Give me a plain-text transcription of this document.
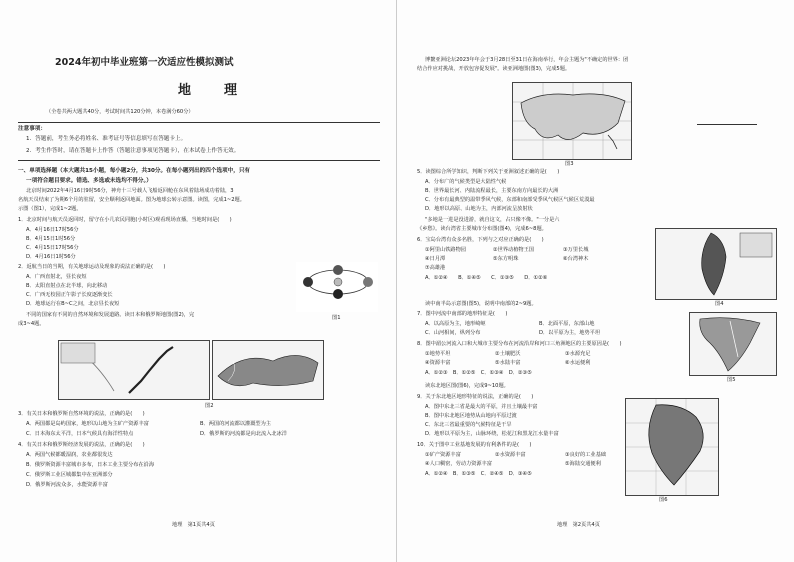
2024年初中毕业班第一次适应性模拟测试
地　理
（全卷共两大题共40分，考试时间共120分钟，本卷满分60分）
注意事项：
1．答题前，考生务必将姓名、准考证号等信息填写在答题卡上。
2．考生作答时，请在答题卡上作答（答题注意事项见答题卡），在本试卷上作答无效。
一、单项选择题（本大题共15小题，每小题2分，共30分。在每小题列出的四个选项中，只有
一项符合题目要求。错选、多选或未选均不得分。）
北京时间2022年4月16日9时56分，神舟十三号载人飞船返回舱在东风着陆场成功着陆，3
名航天员结束了为期6个月的驻留，安全顺利返回地面。图为地球公转示意图。读图，完成1~2题。
示图（图1），完成1~2题。
1．北京时间与航天员返回时，留守在小几农民同胞(小时区)观看现场直播，当地时间是(　　)
A．4月16日17时56分
B．4月15日1时56分
C．4月15日17时56分
D．4月16日1时56分
2．返航当日的当期，有关地球运动及现象的说法正确的是(　　)
A．广西直射北，昼长夜短
B．太阳直射点在北半球，向北移动
C．广西无校园正午影子长度逐渐变长
D．地球运行在B~C之间，北京昼长夜短
不同的国家有不同的自然环境和发展道路。读日本和俄罗斯地图(图2)，完
成3~4题。
图1
图2
3．有关日本和俄罗斯自然环境的说法，正确的是(　　)
A．两国都是岛屿国家，地形以山地为主矿产资源丰富	B．两国的河流都以灌溉型为主
C．日本海东太平洋，日本气候具有海洋性特点	D．俄罗斯的河流都是向北流入北冰洋
4．有关日本和俄罗斯经济发展的说法，正确的是(　　)
A．两国气候都暖湿润，农业都很发达
B．俄罗斯资源丰富城市多布，日本工业主要分布在沿海
C．俄罗斯工业区城都集中在亚洲部分
D．俄罗斯河流众多，水能资源丰富
地理　第1页共4页
博鳌亚洲论坛2023年年会于3月28日至31日在海南举行，年会主题为"不确定的世界：团
结合作应对挑战，开放包容促发展"。读亚洲地图(图3)，完成5题。
图3
5．读图综合所学知识，判断下列关于亚洲叙述正确的是(　　)
A．分布广的气候类型是大陆性气候
B．世界最长河、内陆流程最长，主要东南方向最长的大洲
C．分布有最典型的温带季风气候，东部和南部受季风气候区气候区荒漠最
D．地形以高原、山地为主，内部河流呈放射状
"多地是一进是没进游，就自这文，占只像不像。"一分是六
《乡愁》。读台湾省主要城市分布图(图4)，完成6~8题。
6．宝岛台湾有众多名胜，下列与之对应正确的是(　　)
①阿里山铁路物园	②世界动植物王国	③万里长城
④日月潭	⑤东方明珠	⑥台湾神木
⑦高雄港
A．①②④　　B．①④⑤　　C．①③⑤　　D．①②⑥
图4
读中南半岛示意图(图5)，说明中南部的2~9题。
7．图中河流中南部的地形特征是(　　)
A．以高原为主，地形崎岖	B．北面平原，东部山地
C．山河相间，纵列分布	D．以平原为主，地势平坦
8．图中湄公河流入口和大城市主要分布在河流沿岸和河口三角洲地区的主要原因是(　　)
①地势平坦	②土壤肥沃	③水源充足
④资源丰富	⑤水陆丰富	⑥水运便利
A．①②③　B．①②⑤　C．①③④　D．②③⑤
图5
读东北地区图(图6)，完成9~10题。
9．关于东北地区地形特征的说法，正确的是(　　)
A．图中东北三省是最大的平原，并且土壤最丰富
B．图中东北地区地势从山地向平原过渡
C．东北三省最重要的气候特征是干旱
D．地形以平原为主，山脉环绕，松花江和黑龙江水量丰富
10．关于图中工业基地发展的有利条件的是(　　)
①矿产资源丰富	②水资源丰富	③良好的工业基础
④人口稠密，劳动力资源丰富	⑤海陆交通便利
A．①②④　B．①③⑤　C．②④⑤　D．③④⑤
图6
地理　第2页共4页
